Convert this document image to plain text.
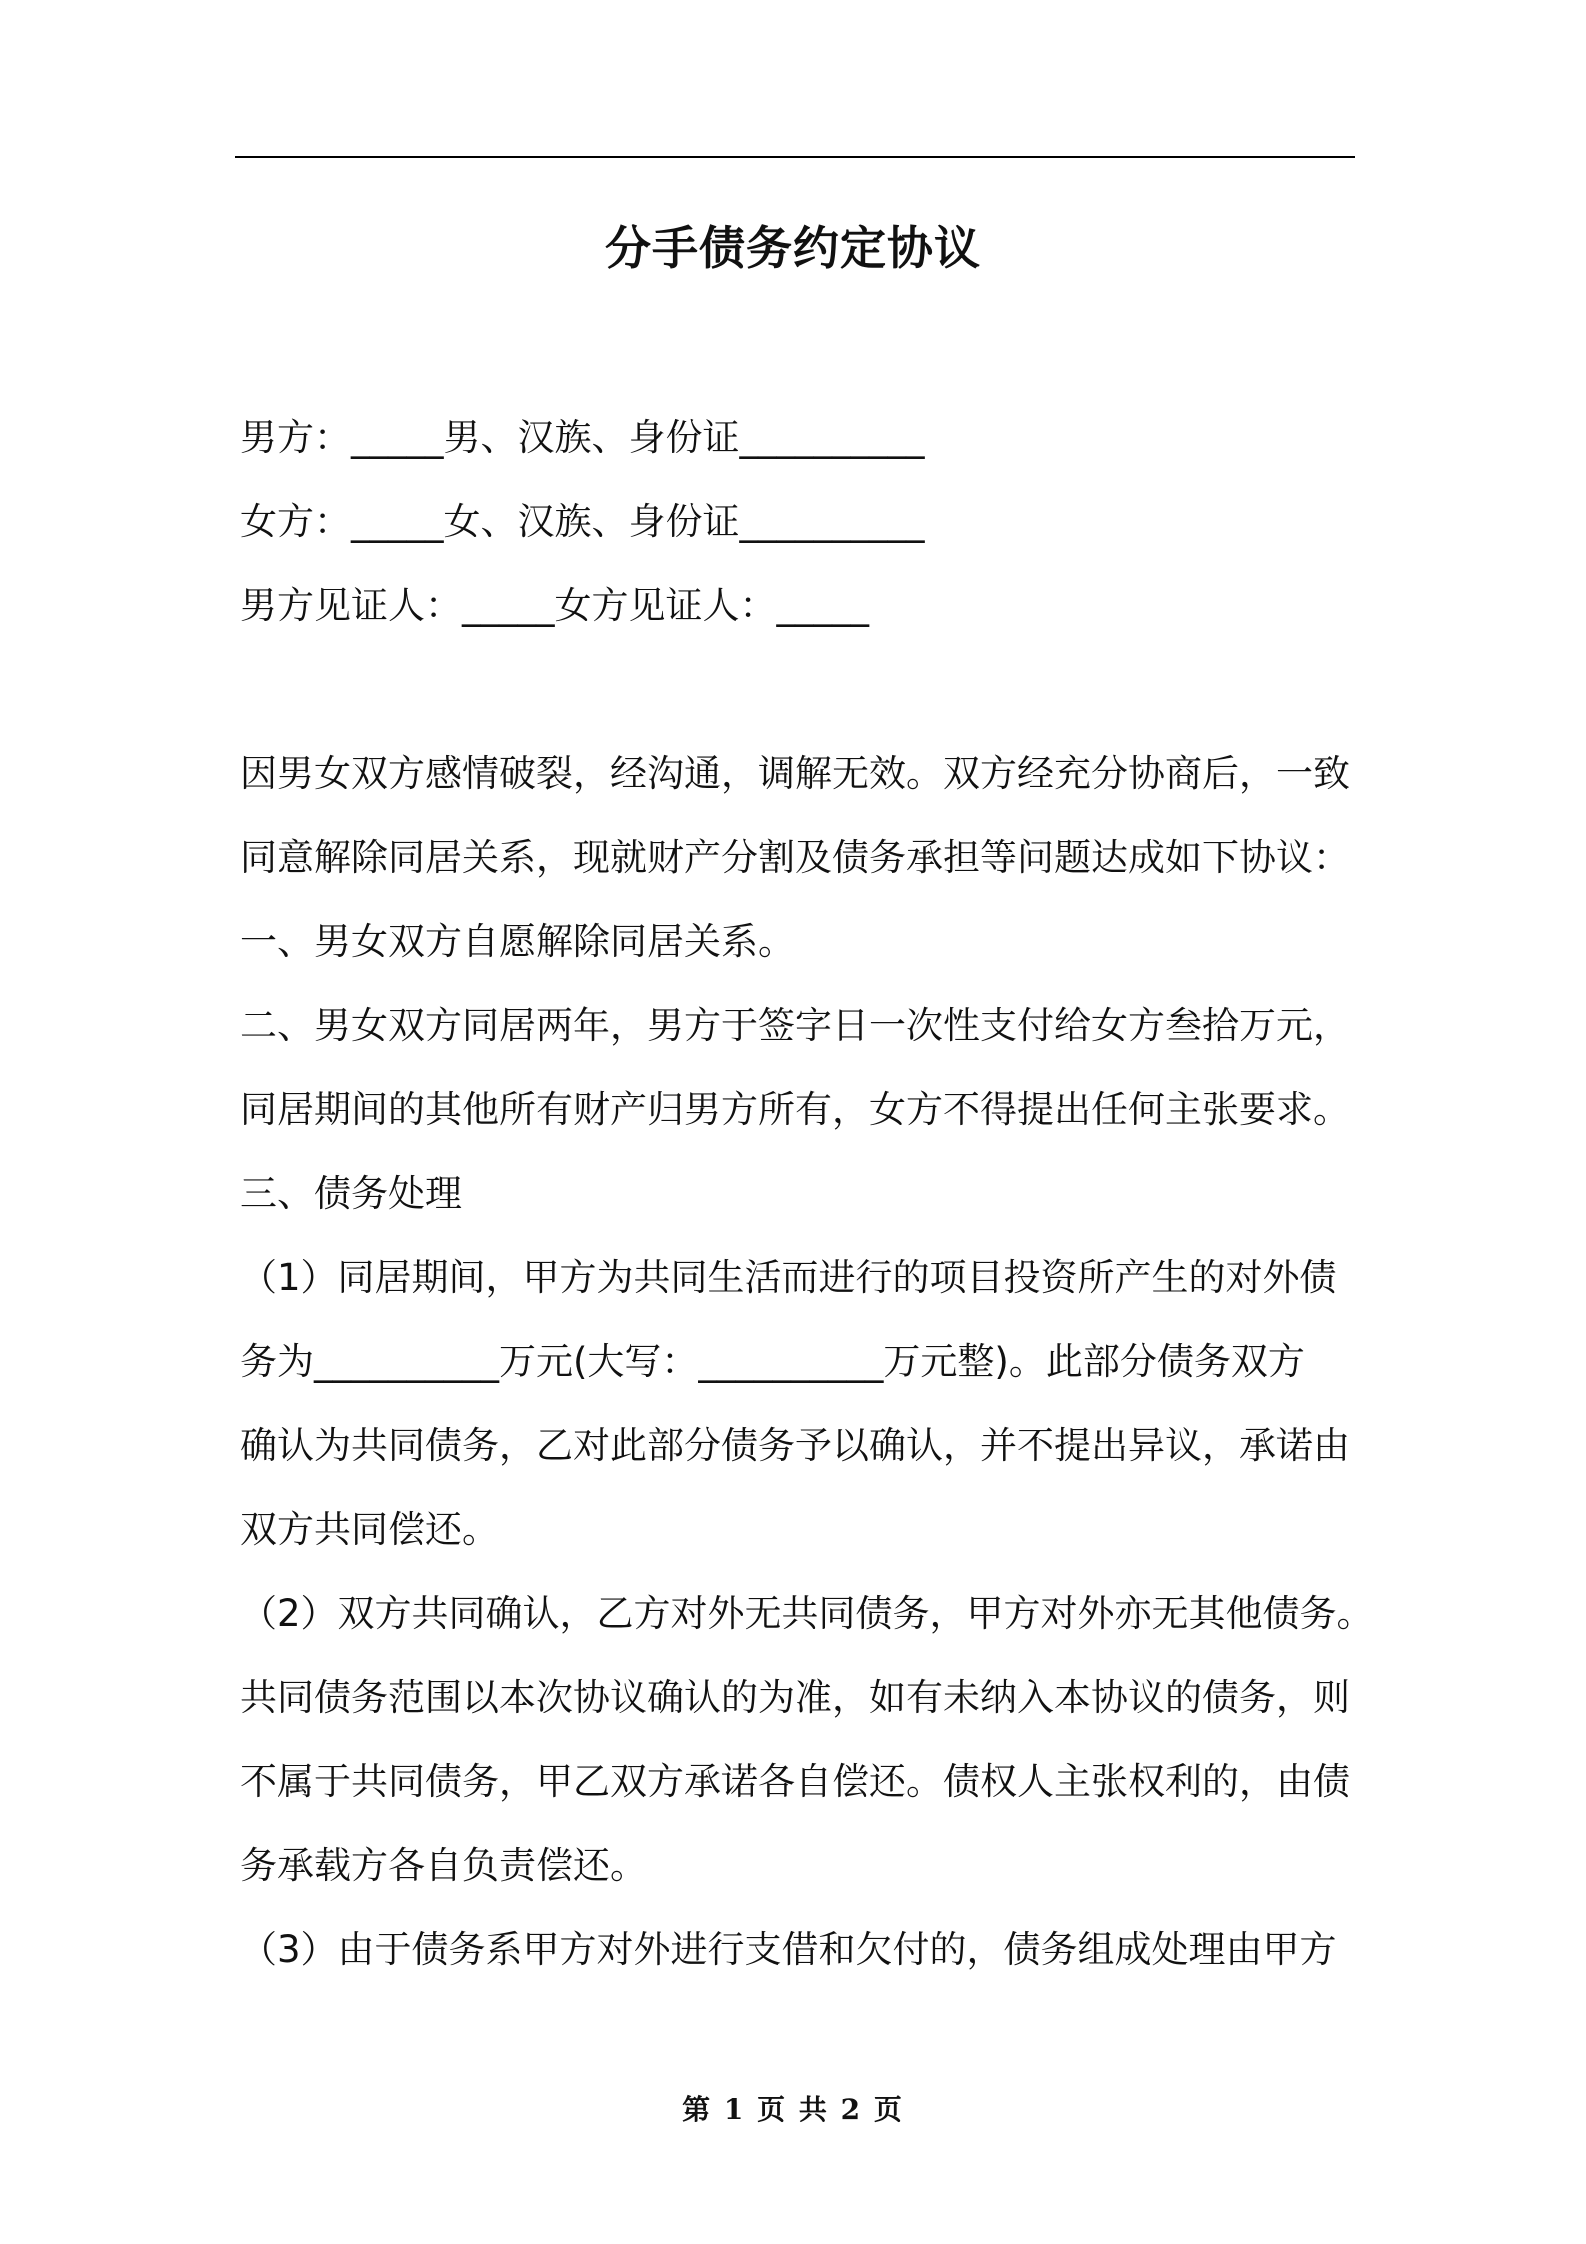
分手债务约定协议
男方：_____男、汉族、身份证__________
女方：_____女、汉族、身份证__________
男方见证人：_____女方见证人：_____
因男女双方感情破裂，经沟通，调解无效。双方经充分协商后，一致
同意解除同居关系，现就财产分割及债务承担等问题达成如下协议：
一、男女双方自愿解除同居关系。
二、男女双方同居两年，男方于签字日一次性支付给女方叁拾万元，
同居期间的其他所有财产归男方所有，女方不得提出任何主张要求。
三、债务处理
（1）同居期间，甲方为共同生活而进行的项目投资所产生的对外债
务为__________万元(大写：__________万元整)。此部分债务双方
确认为共同债务，乙对此部分债务予以确认，并不提出异议，承诺由
双方共同偿还。
（2）双方共同确认，乙方对外无共同债务，甲方对外亦无其他债务。
共同债务范围以本次协议确认的为准，如有未纳入本协议的债务，则
不属于共同债务，甲乙双方承诺各自偿还。债权人主张权利的，由债
务承载方各自负责偿还。
（3）由于债务系甲方对外进行支借和欠付的，债务组成处理由甲方
第 1 页 共 2 页
